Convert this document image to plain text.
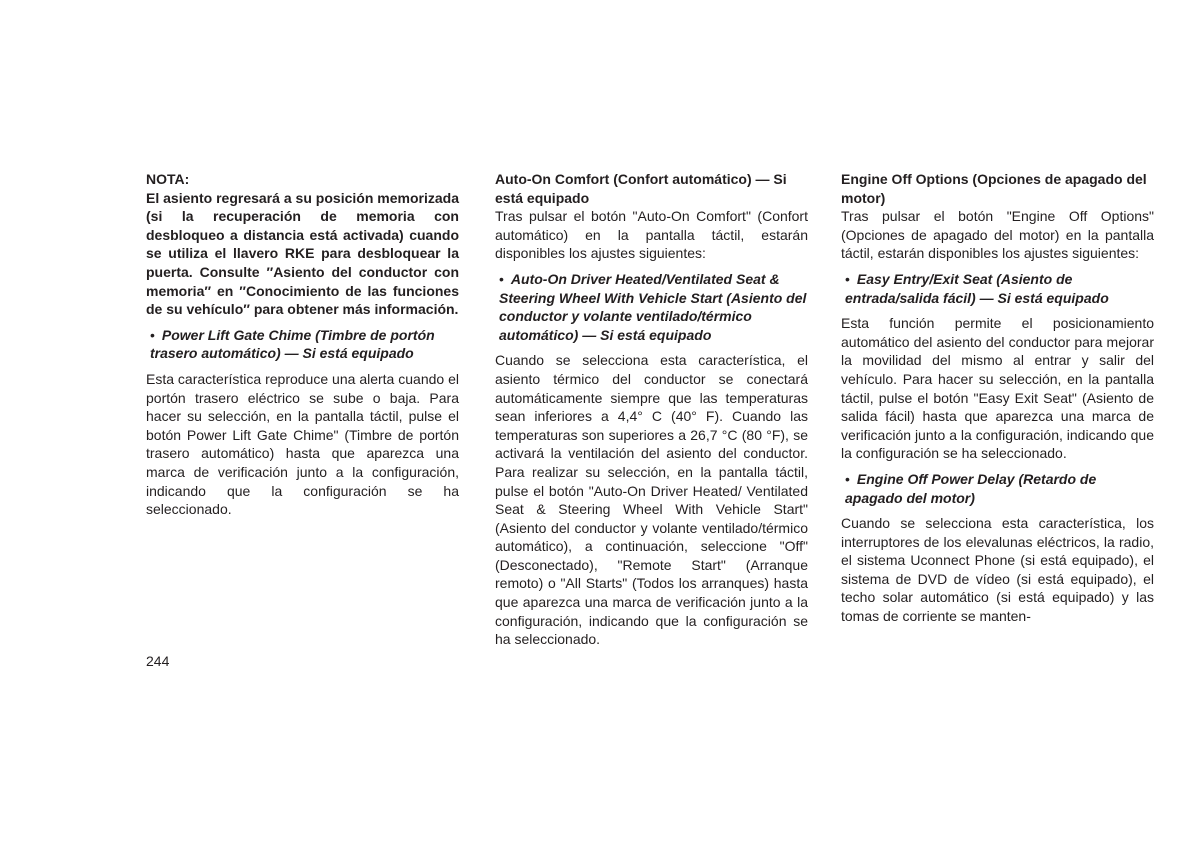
NOTA:

El asiento regresará a su posición memorizada (si la recuperación de memoria con desbloqueo a distancia está activada) cuando se utiliza el llavero RKE para desbloquear la puerta. Consulte ″Asiento del conductor con memoria″ en ″Conocimiento de las funciones de su vehículo″ para obtener más información.

• Power Lift Gate Chime (Timbre de portón trasero automático) — Si está equipado

Esta característica reproduce una alerta cuando el portón trasero eléctrico se sube o baja. Para hacer su selección, en la pantalla táctil, pulse el botón Power Lift Gate Chime" (Timbre de portón trasero automático) hasta que aparezca una marca de verificación junto a la configuración, indicando que la configuración se ha seleccionado.

Auto-On Comfort (Confort automático) — Si está equipado

Tras pulsar el botón "Auto-On Comfort" (Confort automático) en la pantalla táctil, estarán disponibles los ajustes siguientes:

• Auto-On Driver Heated/Ventilated Seat & Steering Wheel With Vehicle Start (Asiento del conductor y volante ventilado/térmico automático) — Si está equipado

Cuando se selecciona esta característica, el asiento térmico del conductor se conectará automáticamente siempre que las temperaturas sean inferiores a 4,4° C (40° F). Cuando las temperaturas son superiores a 26,7 °C (80 °F), se activará la ventilación del asiento del conductor. Para realizar su selección, en la pantalla táctil, pulse el botón "Auto-On Driver Heated/ Ventilated Seat & Steering Wheel With Vehicle Start" (Asiento del conductor y volante ventilado/térmico automático), a continuación, seleccione "Off" (Desconectado), "Remote Start" (Arranque remoto) o "All Starts" (Todos los arranques) hasta que aparezca una marca de verificación junto a la configuración, indicando que la configuración se ha seleccionado.

Engine Off Options (Opciones de apagado del motor)

Tras pulsar el botón "Engine Off Options" (Opciones de apagado del motor) en la pantalla táctil, estarán disponibles los ajustes siguientes:

• Easy Entry/Exit Seat (Asiento de entrada/salida fácil) — Si está equipado

Esta función permite el posicionamiento automático del asiento del conductor para mejorar la movilidad del mismo al entrar y salir del vehículo. Para hacer su selección, en la pantalla táctil, pulse el botón "Easy Exit Seat" (Asiento de salida fácil) hasta que aparezca una marca de verificación junto a la configuración, indicando que la configuración se ha seleccionado.

• Engine Off Power Delay (Retardo de apagado del motor)

Cuando se selecciona esta característica, los interruptores de los elevalunas eléctricos, la radio, el sistema Uconnect Phone (si está equipado), el sistema de DVD de vídeo (si está equipado), el techo solar automático (si está equipado) y las tomas de corriente se manten-

244
